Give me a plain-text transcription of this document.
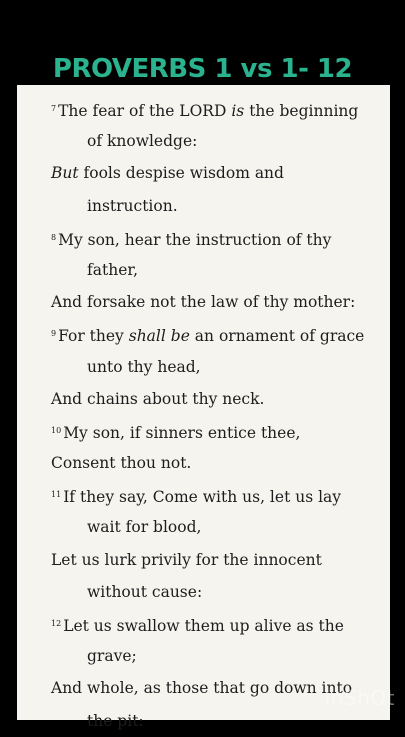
PROVERBS 1 vs 1- 12
$^7$ The fear of the LORD is the beginning
of knowledge:
But fools despise wisdom and
instruction.
$^8$ My son, hear the instruction of thy
father,
And forsake not the law of thy mother:
$^9$ For they shall be an ornament of grace
unto thy head,
And chains about thy neck.
$^{10}$ My son, if sinners entice thee,
Consent thou not.
$^{11}$ If they say, Come with us, let us lay
wait for blood,
Let us lurk privily for the innocent
without cause:
$^{12}$ Let us swallow them up alive as the
grave;
And whole, as those that go down into
the pit:
InShOt
